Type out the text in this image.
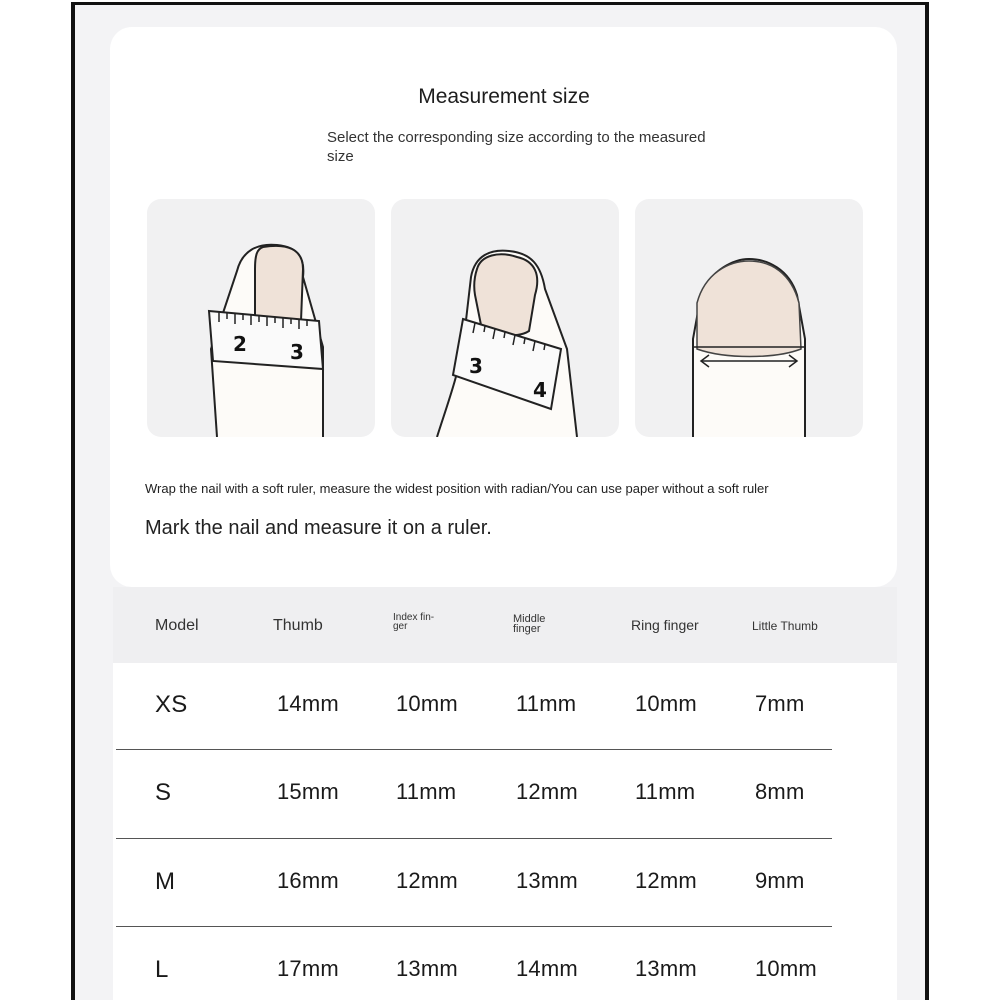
Measurement size
Select the corresponding size according to the measured size
2 3
3
4
Wrap the nail with a soft ruler, measure the widest position with radian/You can use paper without a soft ruler
Mark the nail and measure it on a ruler.
Model	Thumb	Index fin-
ger
Middle
finger	Ring finger	Little Thumb
XS	14mm	10mm	11mm	10mm	7mm
S	15mm	11mm	12mm	11mm	8mm
M	16mm	12mm	13mm	12mm	9mm
L	17mm	13mm	14mm	13mm	10mm
